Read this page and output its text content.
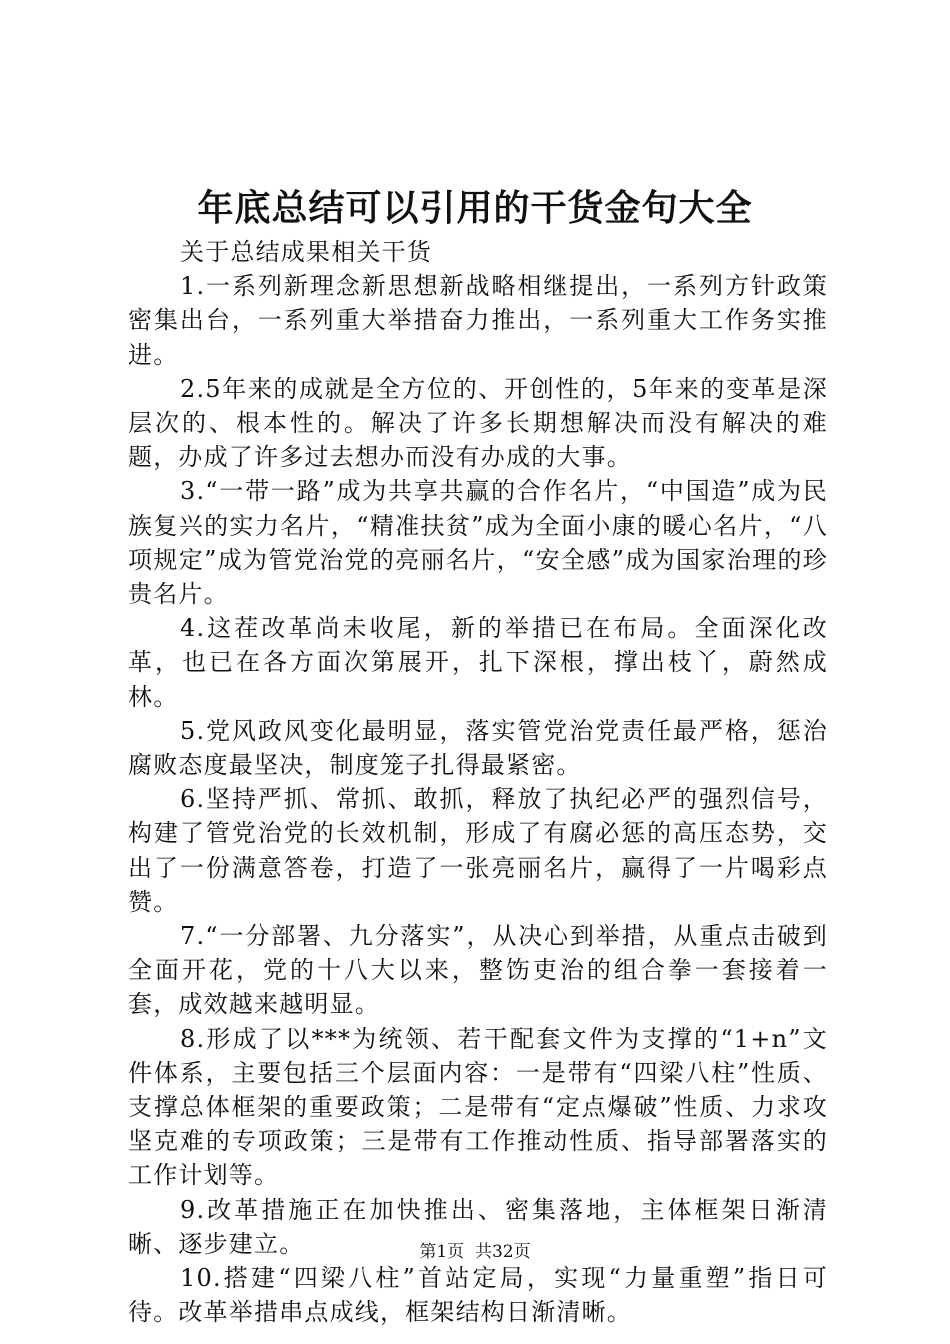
年底总结可以引用的干货金句大全

关于总结成果相关干货

1.一系列新理念新思想新战略相继提出，一系列方针政策密集出台，一系列重大举措奋力推出，一系列重大工作务实推进。

2.5年来的成就是全方位的、开创性的，5年来的变革是深层次的、根本性的。解决了许多长期想解决而没有解决的难题，办成了许多过去想办而没有办成的大事。

3.“一带一路”成为共享共赢的合作名片，“中国造”成为民族复兴的实力名片，“精准扶贫”成为全面小康的暖心名片，“八项规定”成为管党治党的亮丽名片，“安全感”成为国家治理的珍贵名片。

4.这茬改革尚未收尾，新的举措已在布局。全面深化改革，也已在各方面次第展开，扎下深根，撑出枝丫，蔚然成林。

5.党风政风变化最明显，落实管党治党责任最严格，惩治腐败态度最坚决，制度笼子扎得最紧密。

6.坚持严抓、常抓、敢抓，释放了执纪必严的强烈信号，构建了管党治党的长效机制，形成了有腐必惩的高压态势，交出了一份满意答卷，打造了一张亮丽名片，赢得了一片喝彩点赞。

7.“一分部署、九分落实”，从决心到举措，从重点击破到全面开花，党的十八大以来，整饬吏治的组合拳一套接着一套，成效越来越明显。

8.形成了以***为统领、若干配套文件为支撑的“1+n”文件体系，主要包括三个层面内容：一是带有“四梁八柱”性质、支撑总体框架的重要政策；二是带有“定点爆破”性质、力求攻坚克难的专项政策；三是带有工作推动性质、指导部署落实的工作计划等。

9.改革措施正在加快推出、密集落地，主体框架日渐清晰、逐步建立。

10.搭建“四梁八柱”首站定局，实现“力量重塑”指日可待。改革举措串点成线，框架结构日渐清晰。

第1页  共32页
